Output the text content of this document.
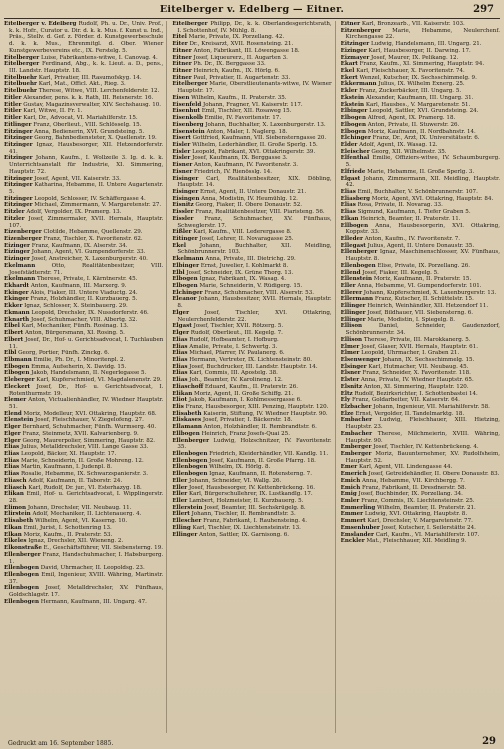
Eitelberger v. Edelberg — Eitner.	297
Eitelberger v. Edelberg Rudolf, Ph. u. Dr., Univ. Prof., k. k. Hofr., Curator u. Dir. d. k. k. Mus. f. Kunst u. Ind., Präs., Stellv. d. Gef. z. Förder. d. Kunstgewerbeschule d. k. k. Mus., Ehrenmitgl. d. Ober. Wiener Kunstgewerbevereins etc., IX. Ferstelg. 5.
Eitelberger Luise, Fabrikantens-witwe, I. Canovag. 4.
Eitelberger Ferdinand, Abg., k. k. Lieut. a. D., pens., III. Landstr. Hauptstr. 18.
Eitelbuehr Karl, Privatier, III. Rasumofskyg. 14.
Eitelbuehr Karl, Mat., Officl. Akt., Rieg. 3.
Eitelbuehr Therese, Witwe, VIII. Lerchenfelderstr. 12.
Eitler Alexander, pens. k. k. Rath, III. Reisnerstr. 16.
Eitler Gustav, Magazinsverwalter, XIV. Sechshausg. 10.
Eitler Karl, Witwe, II. Fr. 1.
Eitler Karl, Dr., Advocat, VI. Mariahilferstr. 15.
Eitlinger Franz, Oberlieut., VIII. Schlösselg. 15.
Eitzinger Anna, Bedienerin, XVI. Grundsteing. 5.
Eitzinger Georg, Bahnbediensteter, X. Quellenstr. 19.
Eitzinger Ignaz, Hausbesorger, XII. Hetzendorferstr. 41.
Eitzinger Johann, Kaufm., I. Wollzeile 3. Ig. d. k. k. Unterrichtsanstalt für Industrie, XI. Simmering, Hauptstr. 72.
Eitzinger Josef, Agent, VII. Kaiserstr. 33.
Eitzinger Katharina, Hebamme, II. Untere Augartenstr. 5.
Eitzinger Leopold, Schlosser, IV. Schäffergasse 4.
Eitzinger Michael, Zimmermann, V. Margaretenstr. 27.
Eitzler Adolf, Vergolder, IX. Pramerg. 13.
Eitzler Josef, Zimmermaler, XVII. Hernals, Hauptstr. 107.
Eizenberger Clotilde, Hebamme, Quellenstr. 29.
Eizenberger Franz, Tischler, X. Favoritenstr. 62.
Eizinger Franz, Kaufmann, IX. Alserstr. 34.
Eizinger Johann, Agent, VI. Gumpendorferstr. 33.
Eizinger Josef, Anstreicher, X. Laxenburgerstr. 40.
Ekelmann	Otto, Realitätenbesitzer, VIII. Josefstädterstr. 71.
Ekelmann Therese, Private, I. Kärntnerstr. 45.
Ekhardt Anton, Kaufmann, III. Marxerg. 9.
Ekinger Alois, Fiaker, III. Untere Viaductg. 24.
Ekinger Franz, Holzhändler, II. Kurzbauerg. 5.
Ekker Ignaz, Schlosser, X. Steinbauerg. 29.
Ekmann Leopold, Drechsler, IX. Nussdorferstr. 46.
Eknarth Josef, Schuhmacher, VIII. Albertg. 32.
Elbel Karl, Mechaniker, Fünfh. Rosinag. 13.
Elbert Anton, Bürgersmann, XI. Rosing. 5.
Elbert Josef, Dr., Hof- u. Gerichtsadvocat, I. Tuchlauben 11.
Elbl Georg, Portier, Fünfh. Zinckg. 6.
Elbmann Emilie, Ph. Dr., I. Minoritenpl. 2.
Elbogen Emma, Aufseherin, X. Davidg. 15.
Elbogen Jakob, Handelsmann, II. Negerlegasse 5.
Eleberger Karl, Kupferschmied, VI. Magdalenenstr. 29.
Eleckert Josef, Dr., Hof- u. Gerichtsadvocat, I. Rotenthurmstr. 19.
Elemer Anton, Victualienhändler, IV. Wiedner Hauptstr. 51.
Elend Moriz, Modelleur, XVI. Ottakring, Hauptstr. 68.
Elenstein Josef, Fleischhauer, V. Ziegelofeng. 27.
Elger Bernhard, Schuhmacher, Fünfh. Wurmserg. 40.
Elger Franz, Steinmetz, XVII. Kalvarienberg. 9.
Elger Georg, Maurerpolier, Simmering, Hauptstr. 82.
Elias Julius, Metalldrechsler, VIII. Lange Gasse 33.
Elias Leopold, Bäcker, XI. Hauptstr. 17.
Elias Marie, Schneiderin, II. Große Mohreng. 12.
Elias Martin, Kaufmann, I. Judenpl. 8.
Elias Rosalie, Hebamme, IX. Schwarzspanierstr. 3.
Eliasch Adolf, Kaufmann, II. Taborstr. 24.
Eliasch Karl, Rudolf, Dr. jur., VI. Esterhazyg. 18.
Elikan Emil, Hof- u. Gerichtsadvocat, I. Wipplingerstr. 28.
Elimon Johann, Drechsler, VII. Neubaug. 11.
Elirstein Adolf, Mechaniker, II. Lichtenauerg. 4.
Elisabeth Wilhelm, Agent, VI. Kaserng. 10.
Elkan Emil, Jurist, I. Schottenring 13.
Elkan Moriz, Kaufm., II. Praterstr. 53.
Elkeles Ignaz, Drechsler, XII. Wieneng. 2.
Elkonstraße E., Geschäftsführer, VII. Siebensterng. 19.
Ellenberger Franz, Handschuhmacher, I. Habsburgerg. 1.
Ellenbogen David, Uhrmacher, II. Leopoldsg. 23.
Ellenbogen Emil, Ingenieur, XVIII. Währing, Martinstr. 37.
Ellenbogen Josef, Metalldrechsler, XV. Fünfhaus, Goldschlagstr. 17.
Ellenbogen Hermann, Kaufmann, III. Ungarg. 47.
Eitelberger Philipp, Dr., k. k. Oberlandesgerichtsrath, I. Schottenhof, IV. Mühlg. 8.
Eitel Marie, Private, IX. Porzellang. 42.
Eiter Dr., Kreisarzt, XVII. Rosensteing. 21.
Eitner Anton, Fabrikant, III. Löwengasse 18.
Eitner Josef, Liqueurerz., II. Augarten 3.
Eitner Ph. Dr., IX. Berggasse 33.
Eitner Heinrich, Kaufm., IX. Hörlg. 6.
Eitner Paul, Privatier, II. Augartenstr. 33.
Eitelberger Marie, Oberstlieutenants-witwe, IV. Wiener Hauptstr. 17.
Eisen Wilhelm, Kaufm., II. Praterstr. 35.
Eisenfeld Johann, Fragner, VI. Kaiserstr. 117.
Eisenhut Emil, Tischler, XII. Rosaweg 15.
Eisenkolb Emilie, IV. Favoritenstr. 17.
Eisenberg Johann, Buchhalter, X. Laxenburgerstr. 13.
Eisenstein Anton, Maler, I. Naglerg. 18.
Eisert Gottfried, Kaufmann, VII. Siebensterngasse 20.
Eisler Wilhelm, Lederhändler, II. Große Sperlg. 15.
Eisler Leopold, Fabrikant, XVI. Ottakringerstr. 39.
Eisler Josef, Kaufmann, IX. Berggasse 3.
Eisner Anton, Kaufmann, IV. Favoritenstr. 3.
Eisner Friedrich, IV. Rienösslg. 14.
Eisinger Carl, Realitätenbesitzer, XIX. Döbling, Hauptstr. 14.
Eisinger Ernst, Agent, II. Untere Donaustr. 21.
Eisingen Anna, Modistin, IV. Heumühlg. 12.
Eisnitz Georg, Fiaker, II. Obere Donaustr. 52.
Eissler Franz, Realitätenbesitzer, VIII. Piaristeng. 56.
Eissler Franz, Schuhmacher, XV. Fünfhaus, Schweglerstr. 17.
Eißler Karl, Kaufm., VIII. Lederergasse 8.
Eitinger Josef, Lehrer, II. Novaragasse 25.
Ekel Johann, Buchhalter, XII. Meidling, Schönbrunnerstr. 103.
Ekelmann Anna, Private, III. Dietrichg. 29.
Elbinger Ernst, Juwelier, I. Kohlmarkt 8.
Elbl Josef, Schneider, IX. Grüne Thorg. 13.
Elbogen Ignaz, Fabrikant, IX. Wasag. 4.
Elbogen Marie, Schneiderin, V. Rüdigerg. 15.
Elchinger Franz, Schuhmacher, VIII. Alserstr. 53.
Eleanor Johann, Hausbesitzer, XVII. Hernals, Hauptstr. 8.
Elger	Josef, Tischler, XVI. Ottakring, Neulerchenfelderstr. 22.
Elgast Josef, Tischler, XVII. Rötzerg. 5.
Elger Rudolf, Oberlieut., III. Kegelg. 7.
Elias Rudolf, Hofbeamter, I. Hofburg.
Elias Amalie, Private, I. Schwertg. 3.
Elias Michael, Pfarrer, IV. Paulanerg. 6.
Elias Hermann, Vertreter, IX. Lichtensteinstr. 80.
Elias Josef, Buchdrucker, III. Landstr. Hauptstr. 14.
Elias Karl, Commis, III. Apostelg. 38.
Elias Joh., Beamter, IV. Karolineng. 12.
Eliaschoff Eduard, Kaufm., II. Praterstr. 26.
Elikan Moriz, Agent, II. Große Schiffg. 21.
Eliot Jakob, Kaufmann, I. Kohlmessergasse 6.
Elis Franz, Hausbesorger, XIII. Penzing, Hauptstr. 120.
Elisabeth Kaiserin, Stiftung, IV. Wiedner Hauptstr. 90.
Eliskases Josef, Privatier, I. Bäckerstr. 18.
Ellamann Anton, Holzhändler, II. Rembrandtstr. 6.
Ellbogen Heinrich, Franz Josefs-Quai 25.
Ellenberger Ludwig, Holzschnitzer, IV. Favoritenstr. 35.
Ellenbogen Friedrich, Kleiderhändler, VII. Kandlg. 11.
Ellenbogen Josef, Kaufmann, II. Große Pfarrg. 18.
Ellenbogen Wilhelm, IX. Hörlg. 8.
Ellenbogen Ignaz, Kaufmann, II. Rotensterng. 7.
Eller Johann, Schneider, VI. Wallg. 26.
Eller Josef, Hausbesorger, IV. Kettenbrückeng. 16.
Eller Karl, Bürgerschullehrer, IX. Lustkandlg. 17.
Eller Lambert, Holzmeister, II. Kurzbauerg. 5.
Ellerstein Josef, Beamter, III. Sechskrügelg. 8.
Ellert Johann, Tischler, II. Rembrandtstr. 3.
Ellescher Franz, Fabrikant, I. Rauhensteing. 4.
Elling Karl, Tischler, IX. Liechtensteinstr. 13.
Ellinger Anton, Sattler, IX. Garnisong. 6.
Eitner Karl, Bronzearb., VII. Kaiserstr. 103.
Eitzenberger Marie, Hebamme, Neulerchenf. Kirchengasse 22.
Eitzinger Ludwig, Handelsmann, III. Ungarg. 21.
Eizinger Karl, Hausbesorger, II. Darwing. 17.
Eizmayer Josef, Maurer, IX. Pelikang. 12.
Ekart Franz, Kaufm., XI. Simmering, Hauptstr. 94.
Ekel Karl, Fleischhauer, X. Favoritenstr. 74.
Ekert Wenzel, Kutscher, IX. Sechsschimmelg. 9.
Ekkermann Julius, IX. Wilhelm Exnerg. 25.
Ekler Franz, Zuckerbäcker, III. Ungarg. 5.
Ekstein Alexander, Kaufmann, III. Ungarg. 31.
Ekstein Karl, Hausbes., V. Margaretenstr. 51.
Elbinger Leopold, Sattler, XVI. Grundsteing. 24.
Elbogen Alfred, Agent, IX. Pramerg. 18.
Elbogen Anton, Private, II. Stuwerstr. 26.
Elbogen Moriz, Kaufmann, II. Nordbahnstr. 14.
Elchinger Franz, Dr., Arzt, IX. Universitätsstr. 6.
Elder Adolf, Agent, IX. Wasag. 12.
Eleischer Georg, XII. Wilhelmstr. 35.
Elfenthal Emilie, Offiziers-witwe, IV. Schaumburgerg. 5.
Elfriede Marie, Hebamme, II. Große Sperlg. 3.
Elgast Johann, Zimmermann, XII. Meidling, Hauptstr. 42.
Elias Emil, Buchhalter, V. Schönbrunnerstr. 107.
Eliasberg Moriz, Agent, XVI. Ottakring, Hauptstr. 84.
Elias Rosa, Private, II. Novarag. 33.
Elias Sigmund, Kaufmann, I. Tiefer Graben 5.
Elkan Heinrich, Beamter, II. Praterstr. 11.
Ellbogen Anna, Hausbesorgerin, XVI. Ottakring, Koppstr. 33.
Elleder Anton, Kaufm., IV. Favoritenstr. 7.
Ellegast Julius, Agent, II. Untere Donaustr. 35.
Ellenberger Ignaz, Maschinenschlosser, XV. Fünfhaus, Hauptstr. 8.
Ellenbogen Elise, Private, IX. Porzellang. 26.
Ellend Josef, Fiaker, III. Kegelg. 5.
Ellenstein Moriz, Kaufmann, II. Praterstr. 15.
Eller Anna, Hebamme, VI. Gumpendorferstr. 101.
Ellerer Johann, Kupferschmied, X. Laxenburgerstr. 13.
Ellermann Franz, Kutscher, II. Schüttelstr. 15.
Ellinger Heinrich, Weinhändler, XII. Hetzendorf 11.
Ellinger Josef, Bildhauer, VII. Siebensterng. 6.
Ellinger Marie, Modistin, I. Spiegelg. 8.
Ellison	Daniel, Schneider, Gaudenzdorf, Schönbrunnerstr. 34.
Ellison Therese, Private, III. Marokkanerg. 5.
Elmer Josef, Glaser, XVII. Hernals, Hauptstr. 61.
Elmer Leopold, Uhrmacher, I. Graben 21.
Elsenwenger Johann, IX. Sechsschimmelg. 15.
Elsinger Karl, Hutmacher, VII. Neubaug. 45.
Elsner Franz, Schneider, X. Favoritenstr. 118.
Elster Anna, Private, IV. Wiedner Hauptstr. 65.
Elsnitz Anton, XI. Simmering, Hauptstr. 120.
Eltz Rudolf, Bezirksrichter, I. Schottenbastei 14.
Ely Franz, Goldarbeiter, VII. Kaiserstr. 64.
Elzbacher Johann, Ingenieur, VII. Mariahilferstr. 58.
Elze Ernst, Vergolder, II. Tandelmarktg. 18.
Embacher Ludwig, Fleischhauer, XIII. Hietzing, Hauptstr. 23.
Embacher Therese, Milchmeierin, XVIII. Währing, Hauptstr. 90.
Emberger Josef, Tischler, IV. Kettenbrückeng. 4.
Emberger Moriz, Bauunternehmer, XV. Rudolfsheim, Hauptstr. 52.
Emer Karl, Agent, VII. Lindengasse 44.
Emerich Josef, Getreidehändler, II. Obere Donaustr. 83.
Emich Anna, Hebamme, VII. Kirchbergg. 7.
Emich Franz, Fabrikant, II. Dresdnerstr. 58.
Emig Josef, Buchbinder, IX. Porzellang. 34.
Emler Franz, Commis, IX. Liechtensteinstr. 25.
Emmerling Wilhelm, Beamter, II. Praterstr. 21.
Emmer Ludwig, XVI. Ottakring, Hauptstr. 8.
Emmert Karl, Drechsler, V. Margaretenstr. 77.
Emsenhuber Josef, Kutscher, I. Seilerstätte 24.
Emslander Carl, Kaufm., VI. Mariahilferstr. 107.
Enckler Mat., Fleischhauer, XII. Meidling 9.
Gedruckt am 16. September 1885.	29
